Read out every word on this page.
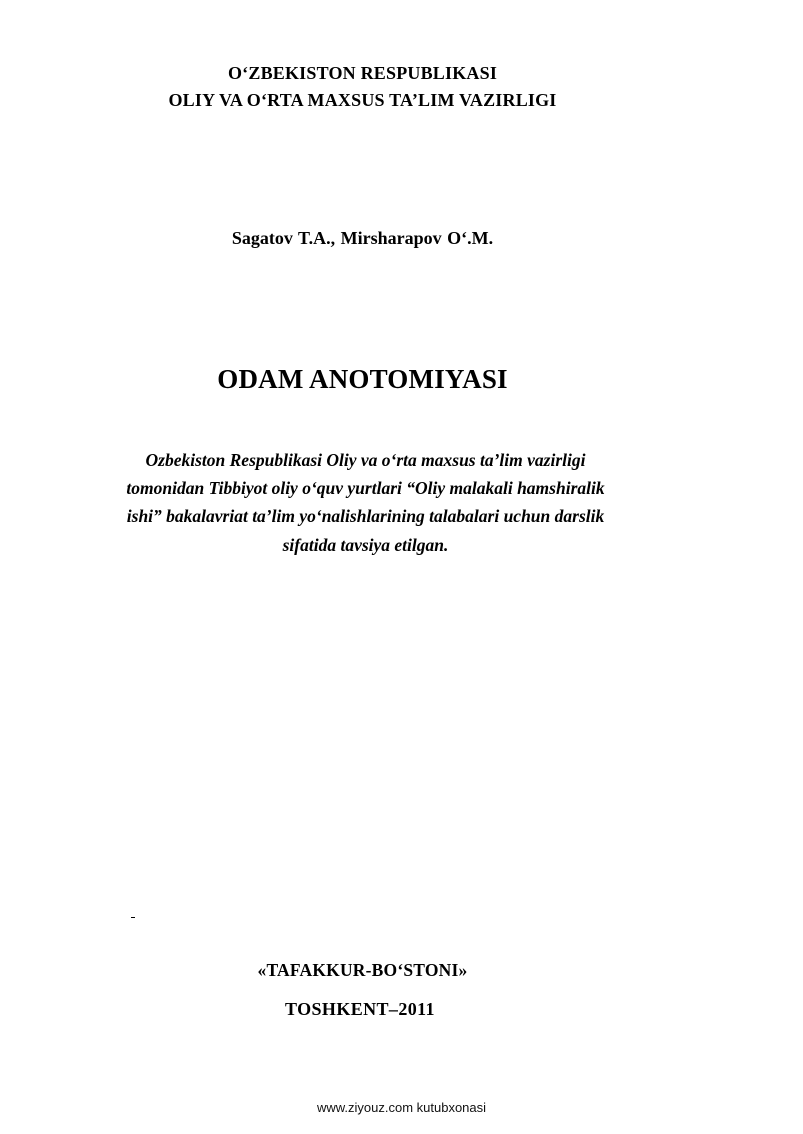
O‘ZBEKISTON RESPUBLIKASI
OLIY VA O‘RTA MAXSUS TA’LIM VAZIRLIGI
Sagatov T.A., Mirsharapov O‘.M.
ODAM ANOTOMIYASI
Ozbekiston Respublikasi Oliy va o‘rta maxsus ta’lim vazirligi
tomonidan Tibbiyot oliy o‘quv yurtlari “Oliy malakali hamshiralik
ishi” bakalavriat ta’lim yo‘nalishlarining talabalari uchun darslik
sifatida tavsiya etilgan.
«TAFAKKUR-BO‘STONI»
TOSHKENT–2011
www.ziyouz.com kutubxonasi
